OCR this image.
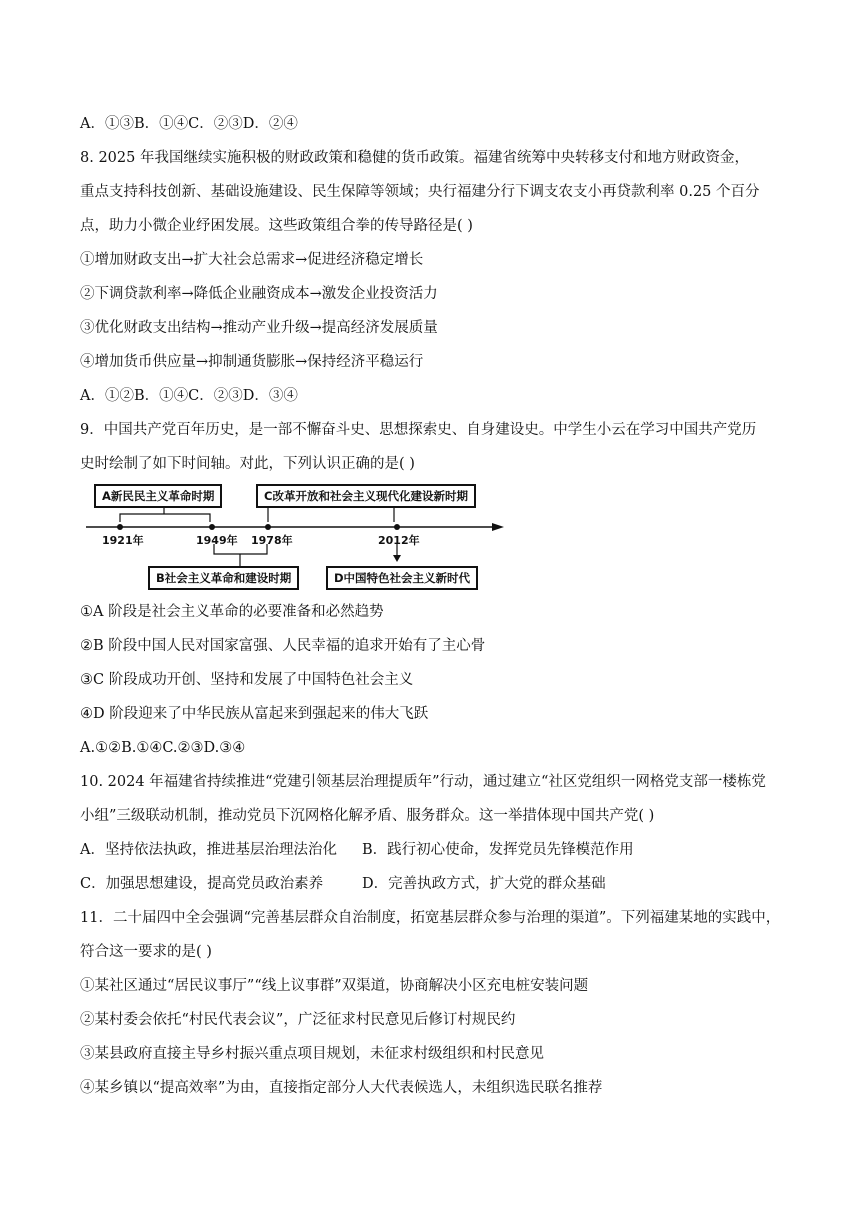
A．①③B．①④C．②③D．②④
8. 2025 年我国继续实施积极的财政政策和稳健的货币政策。福建省统筹中央转移支付和地方财政资金，
重点支持科技创新、基础设施建设、民生保障等领域；央行福建分行下调支农支小再贷款利率 0.25 个百分
点，助力小微企业纾困发展。这些政策组合拳的传导路径是( )
①增加财政支出→扩大社会总需求→促进经济稳定增长
②下调贷款利率→降低企业融资成本→激发企业投资活力
③优化财政支出结构→推动产业升级→提高经济发展质量
④增加货币供应量→抑制通货膨胀→保持经济平稳运行
A．①②B．①④C．②③D．③④
9．中国共产党百年历史，是一部不懈奋斗史、思想探索史、自身建设史。中学生小云在学习中国共产党历
史时绘制了如下时间轴。对此，下列认识正确的是( )
A新民民主义革命时期	C改革开放和社会主义现代化建设新时期
B社会主义革命和建设时期	D中国特色社会主义新时代
1921年	1949年 1978年	2012年
①A 阶段是社会主义革命的必要准备和必然趋势
②B 阶段中国人民对国家富强、人民幸福的追求开始有了主心骨
③C 阶段成功开创、坚持和发展了中国特色社会主义
④D 阶段迎来了中华民族从富起来到强起来的伟大飞跃
A.①②B.①④C.②③D.③④
10. 2024 年福建省持续推进“党建引领基层治理提质年”行动，通过建立“社区党组织一网格党支部一楼栋党
小组”三级联动机制，推动党员下沉网格化解矛盾、服务群众。这一举措体现中国共产党( )
A．坚持依法执政，推进基层治理法治化	B．践行初心使命，发挥党员先锋模范作用
C．加强思想建设，提高党员政治素养	D．完善执政方式，扩大党的群众基础
11．二十届四中全会强调“完善基层群众自治制度，拓宽基层群众参与治理的渠道”。下列福建某地的实践中，
符合这一要求的是( )
①某社区通过“居民议事厅”“线上议事群”双渠道，协商解决小区充电桩安装问题
②某村委会依托“村民代表会议”，广泛征求村民意见后修订村规民约
③某县政府直接主导乡村振兴重点项目规划，未征求村级组织和村民意见
④某乡镇以“提高效率”为由，直接指定部分人大代表候选人，未组织选民联名推荐
